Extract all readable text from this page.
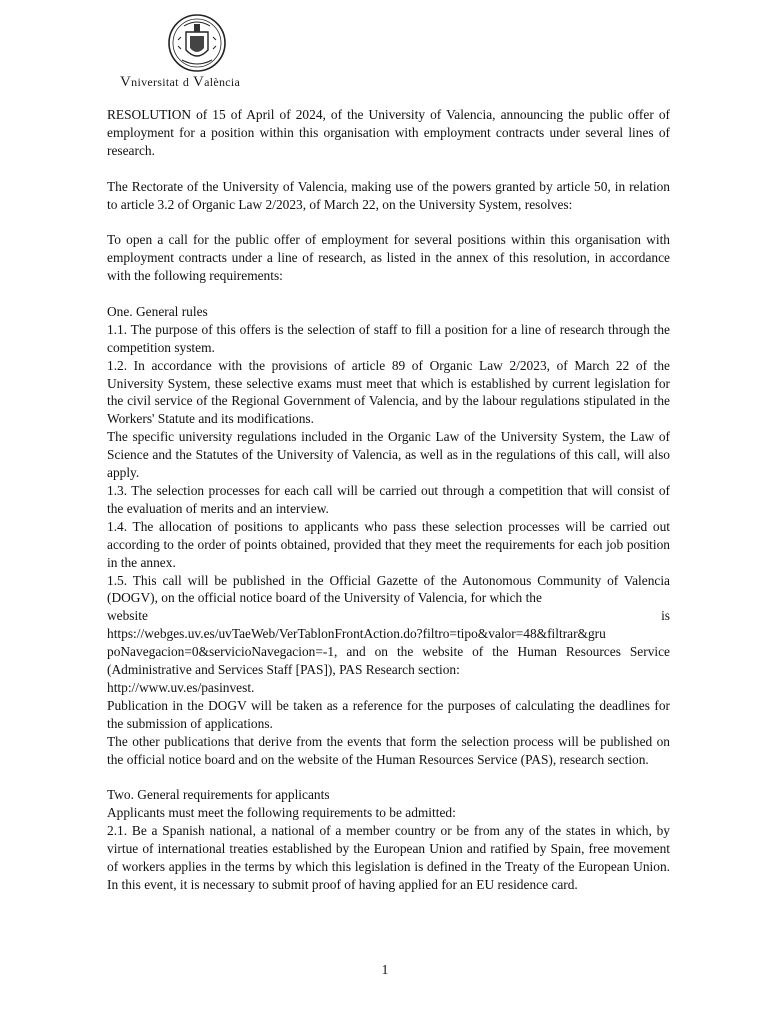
Vniversitat d València

RESOLUTION of 15 of April of 2024, of the University of Valencia, announcing the public offer of employment for a position within this organisation with employment contracts under several lines of research.

The Rectorate of the University of Valencia, making use of the powers granted by article 50, in relation to article 3.2 of Organic Law 2/2023, of March 22, on the University System, resolves:

To open a call for the public offer of employment for several positions within this organisation with employment contracts under a line of research, as listed in the annex of this resolution, in accordance with the following requirements:

One. General rules

1.1. The purpose of this offers is the selection of staff to fill a position for a line of research through the competition system.

1.2. In accordance with the provisions of article 89 of Organic Law 2/2023, of March 22 of the University System, these selective exams must meet that which is established by current legislation for the civil service of the Regional Government of Valencia, and by the labour regulations stipulated in the Workers' Statute and its modifications.

The specific university regulations included in the Organic Law of the University System, the Law of Science and the Statutes of the University of Valencia, as well as in the regulations of this call, will also apply.

1.3. The selection processes for each call will be carried out through a competition that will consist of the evaluation of merits and an interview.

1.4. The allocation of positions to applicants who pass these selection processes will be carried out according to the order of points obtained, provided that they meet the requirements for each job position in the annex.

1.5. This call will be published in the Official Gazette of the Autonomous Community of Valencia (DOGV), on the official notice board of the University of Valencia, for which the

website	is

https://webges.uv.es/uvTaeWeb/VerTablonFrontAction.do?filtro=tipo&valor=48&filtrar&gru

poNavegacion=0&servicioNavegacion=-1, and on the website of the Human Resources Service (Administrative and Services Staff [PAS]), PAS Research section:

http://www.uv.es/pasinvest.

Publication in the DOGV will be taken as a reference for the purposes of calculating the deadlines for the submission of applications.

The other publications that derive from the events that form the selection process will be published on the official notice board and on the website of the Human Resources Service (PAS), research section.

Two. General requirements for applicants

Applicants must meet the following requirements to be admitted:

2.1. Be a Spanish national, a national of a member country or be from any of the states in which, by virtue of international treaties established by the European Union and ratified by Spain, free movement of workers applies in the terms by which this legislation is defined in the Treaty of the European Union. In this event, it is necessary to submit proof of having applied for an EU residence card.

1
